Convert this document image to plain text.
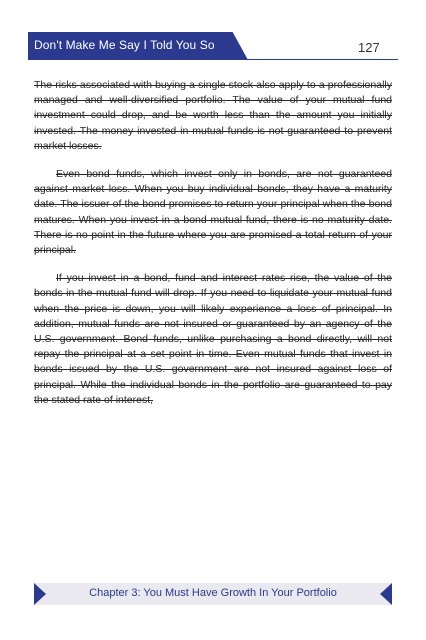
Don't Make Me Say I Told You So	127

The risks associated with buying a single stock also apply to a professionally managed and well-diversified portfolio. The value of your mutual fund investment could drop, and be worth less than the amount you initially invested. The money invested in mutual funds is not guaranteed to prevent market losses.

Even bond funds, which invest only in bonds, are not guaranteed against market loss. When you buy individual bonds, they have a maturity date. The issuer of the bond promises to return your principal when the bond matures. When you invest in a bond mutual fund, there is no maturity date. There is no point in the future where you are promised a total return of your principal.

If you invest in a bond, fund and interest rates rise, the value of the bonds in the mutual fund will drop. If you need to liquidate your mutual fund when the price is down, you will likely experience a loss of principal. In addition, mutual funds are not insured or guaranteed by an agency of the U.S. government. Bond funds, unlike purchasing a bond directly, will not repay the principal at a set point in time. Even mutual funds that invest in bonds issued by the U.S. government are not insured against loss of principal. While the individual bonds in the portfolio are guaranteed to pay the stated rate of interest,

Chapter 3: You Must Have Growth In Your Portfolio
